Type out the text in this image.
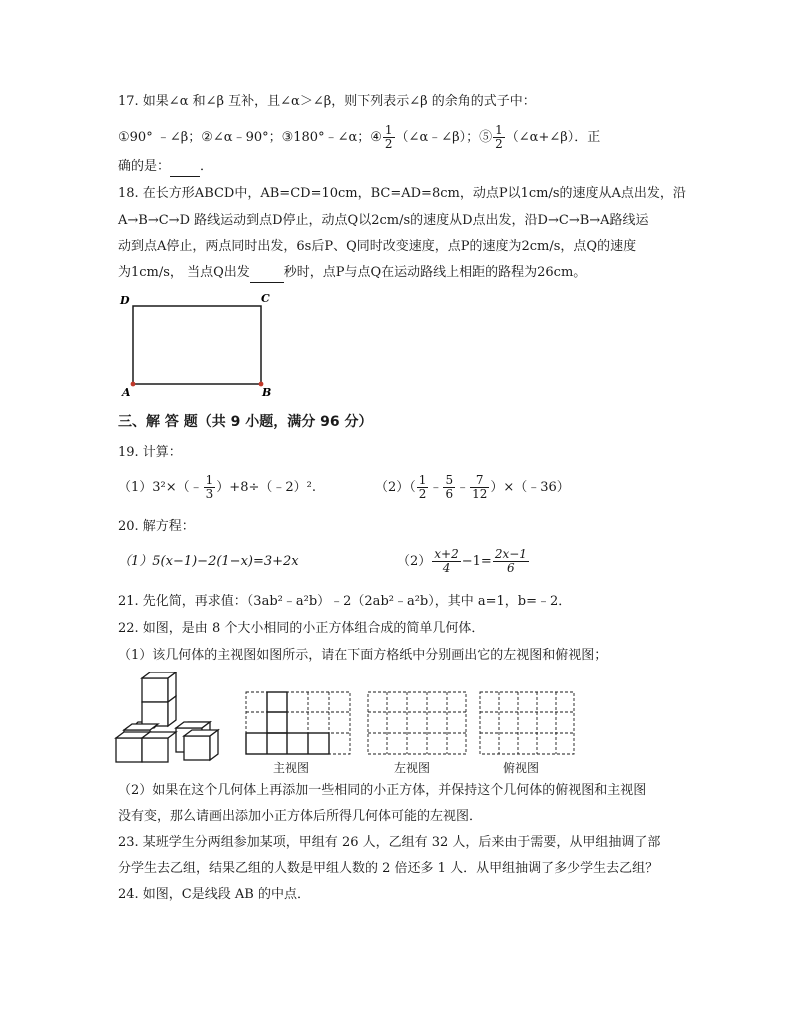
17. 如果∠α 和∠β 互补，且∠α＞∠β，则下列表示∠β 的余角的式子中：
①90° ﹣∠β；②∠α﹣90°；③180°﹣∠α；④ $\frac{1}{2}$ （∠α﹣∠β）；⑤ $\frac{1}{2}$ （∠α+∠β）．正
确的是： ．
18. 在长方形ABCD中，AB=CD=10cm，BC=AD=8cm，动点P以1cm/s的速度从A点出发，沿
A→B→C→D 路线运动到点D停止，动点Q以2cm/s的速度从D点出发，沿D→C→B→A路线运
动到点A停止，两点同时出发，6s后P、Q同时改变速度，点P的速度为2cm/s，点Q的速度
为1cm/s， 当点Q出发	秒时，点P与点Q在运动路线上相距的路程为26cm。
D	C
A	B
三、解 答 题（共 9 小题，满分 96 分）
19. 计算：
（1）3²×（﹣ $\frac{1}{3}$ ）+8÷（﹣2）².	$(2)( \frac{1}{2}$ ﹣ $\frac{5}{6}$ ﹣ $\frac{7}{12}$ ）×（﹣36）
20. 解方程：
（1）5(x−1)−2(1−x)=3+2x	$(2) \frac{x+2}{4} -1= \frac{2x-1}{6}$
21. 先化简，再求值：（3ab²﹣a²b）﹣2（2ab²﹣a²b），其中 a=1，b=﹣2．
22. 如图，是由 8 个大小相同的小正方体组合成的简单几何体．
（1）该几何体的主视图如图所示，请在下面方格纸中分别画出它的左视图和俯视图；
主视图	左视图	俯视图
（2）如果在这个几何体上再添加一些相同的小正方体，并保持这个几何体的俯视图和主视图
没有变，那么请画出添加小正方体后所得几何体可能的左视图．
23. 某班学生分两组参加某项，甲组有 26 人，乙组有 32 人，后来由于需要，从甲组抽调了部
分学生去乙组，结果乙组的人数是甲组人数的 2 倍还多 1 人．从甲组抽调了多少学生去乙组？
24. 如图，C是线段 AB 的中点．
